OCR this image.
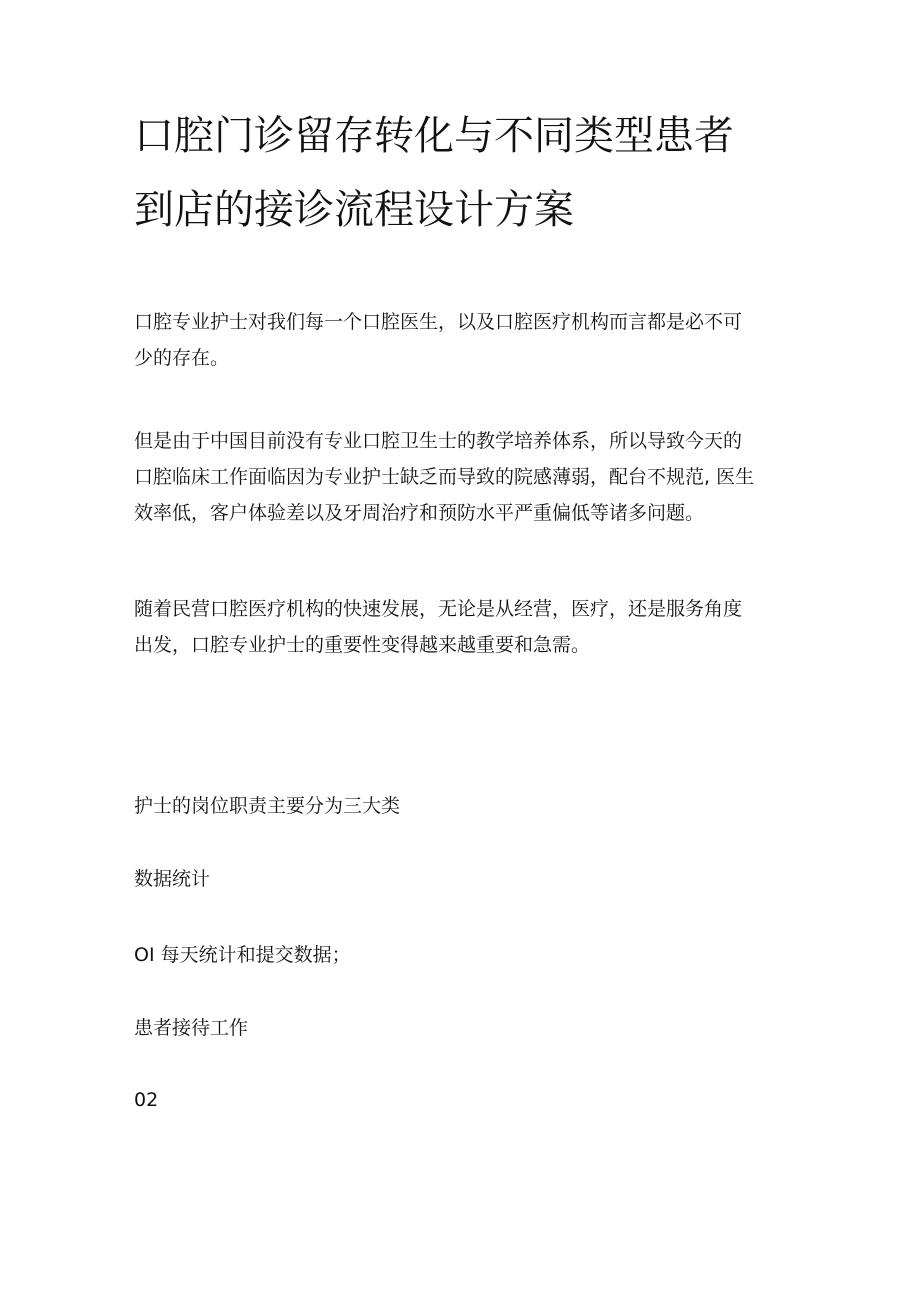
口腔门诊留存转化与不同类型患者
到店的接诊流程设计方案
口腔专业护士对我们每一个口腔医生，以及口腔医疗机构而言都是必不可
少的存在。
但是由于中国目前没有专业口腔卫生士的教学培养体系，所以导致今天的
口腔临床工作面临因为专业护士缺乏而导致的院感薄弱，配台不规范, 医生
效率低，客户体验差以及牙周治疗和预防水平严重偏低等诸多问题。
随着民营口腔医疗机构的快速发展，无论是从经营，医疗，还是服务角度
出发，口腔专业护士的重要性变得越来越重要和急需。

护士的岗位职责主要分为三大类

数据统计

OI 每天统计和提交数据；

患者接待工作

02
